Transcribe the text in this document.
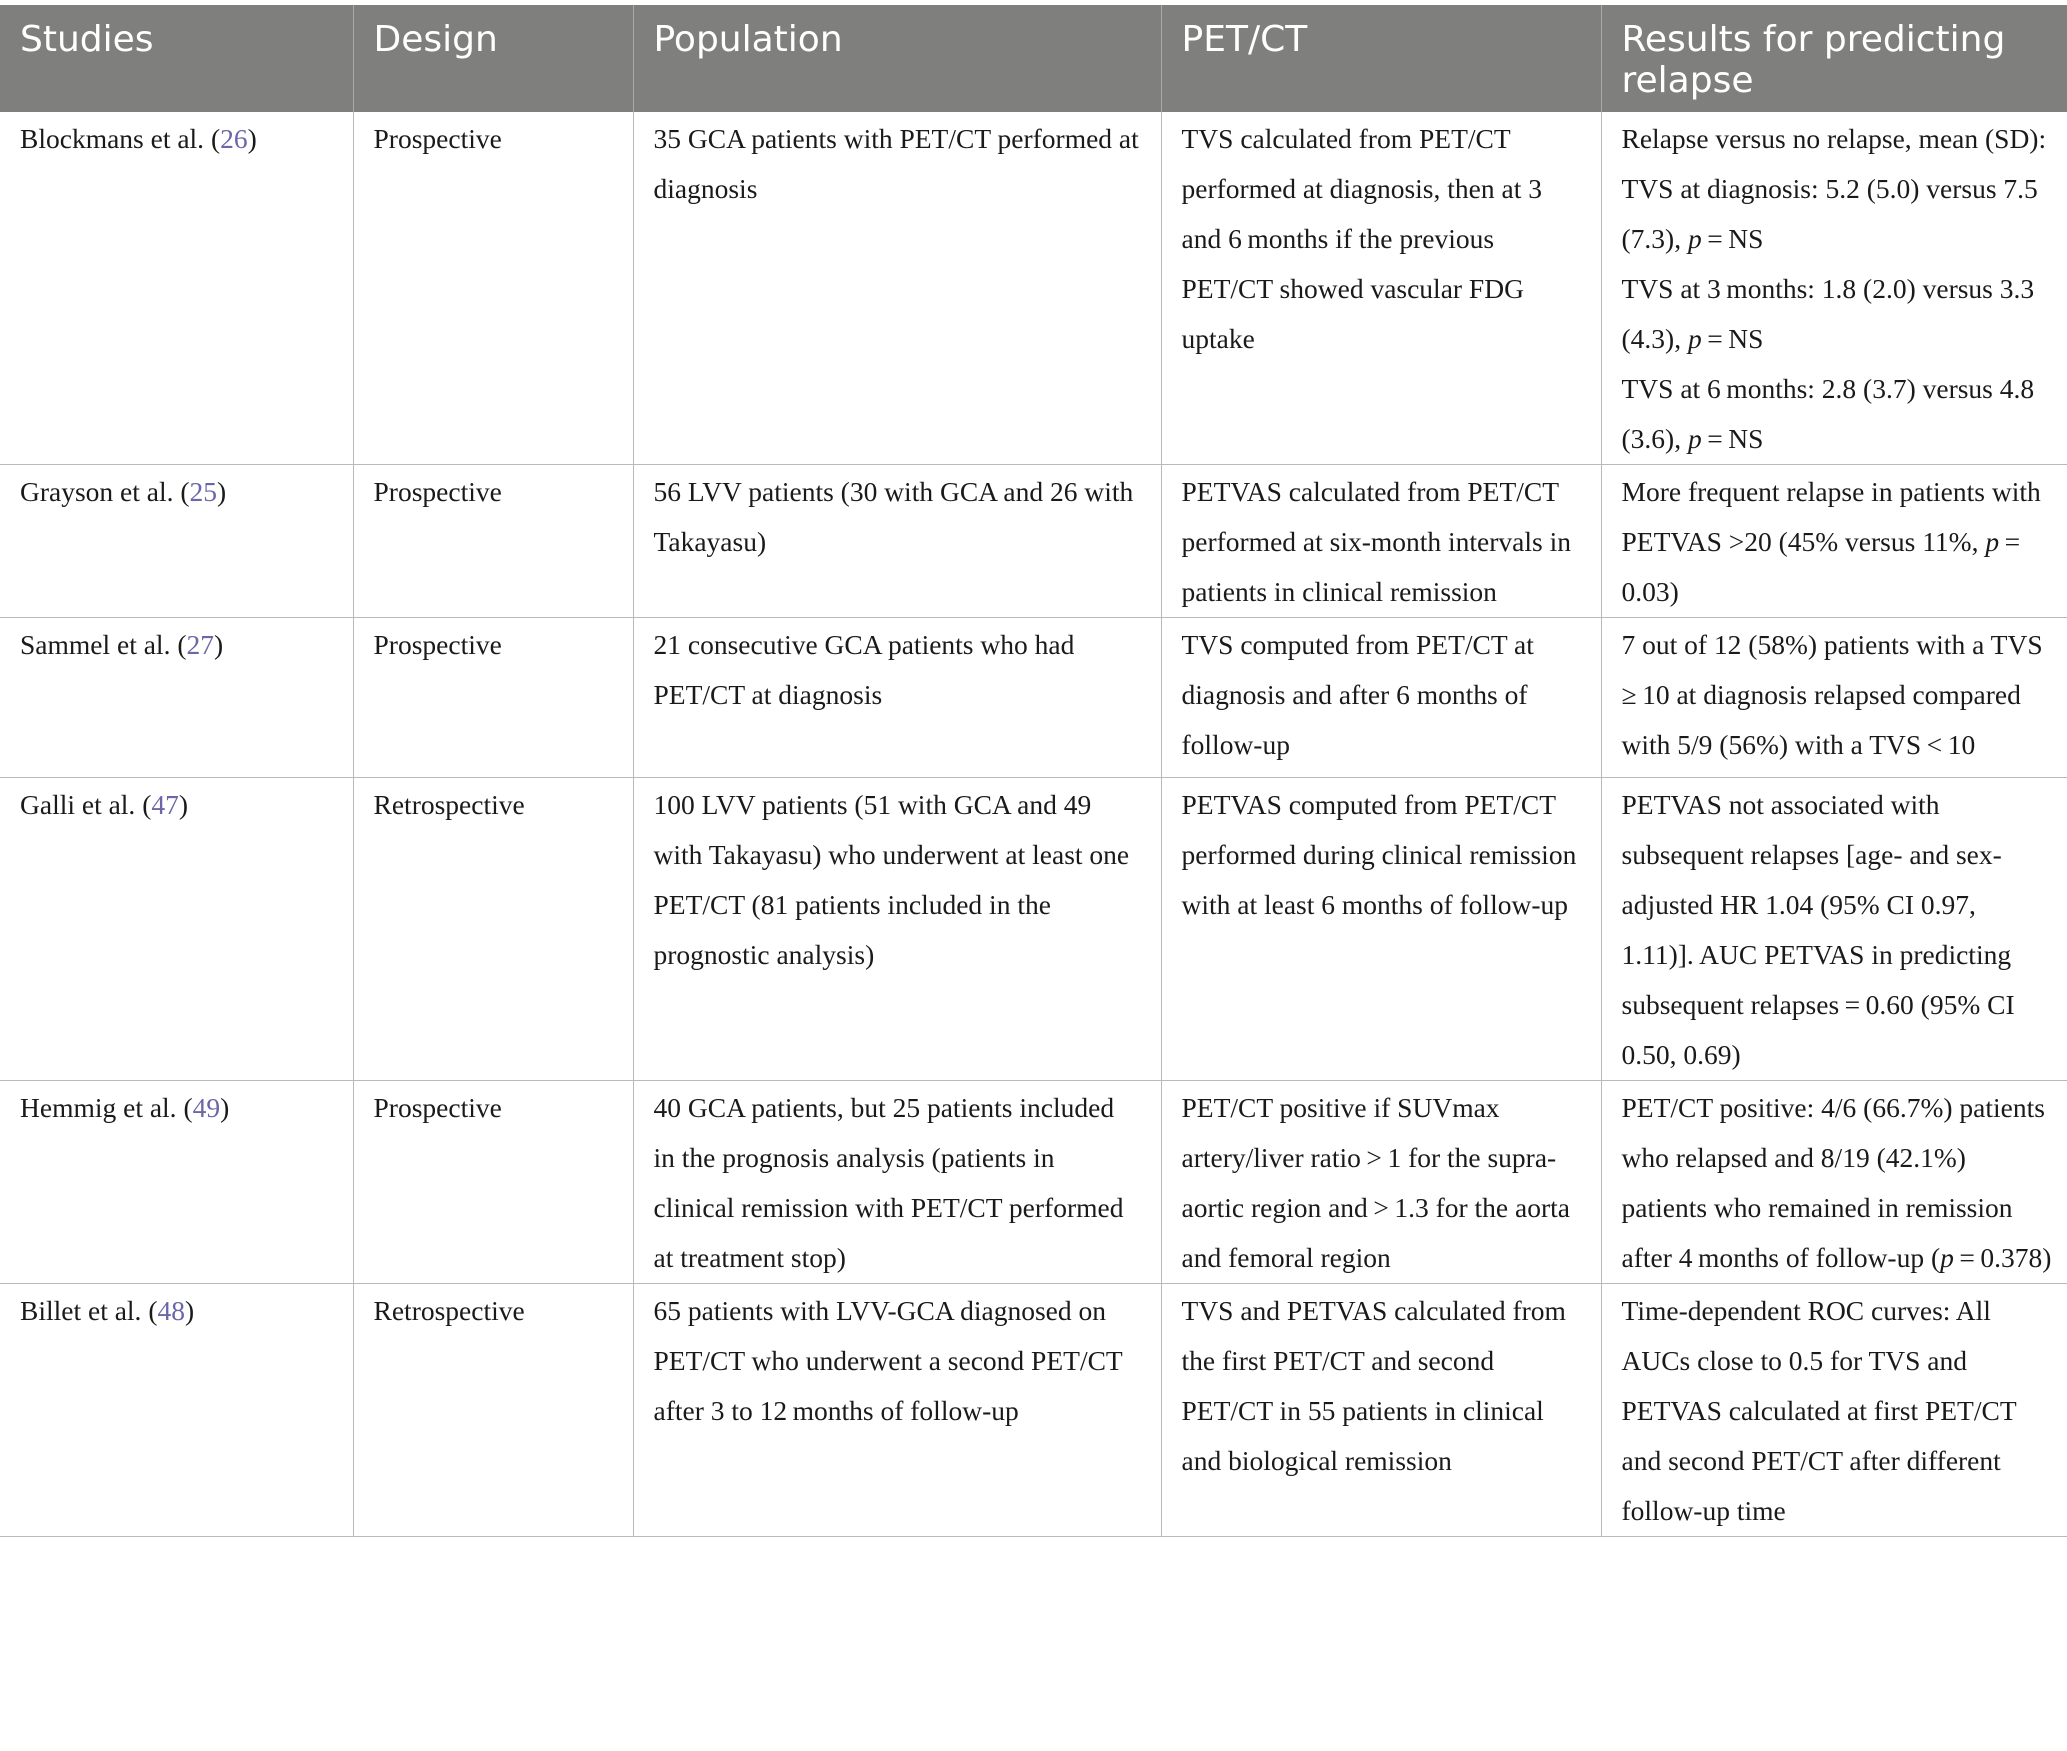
Studies	Design	Population	PET/CT	Results for predicting relapse
Blockmans et al. (26)	Prospective	35 GCA patients with PET/CT performed at diagnosis	TVS calculated from PET/CT performed at diagnosis, then at 3 and 6 months if the previous PET/CT showed vascular FDG uptake	Relapse versus no relapse, mean (SD):
TVS at diagnosis: 5.2 (5.0) versus 7.5 (7.3), p = NS
TVS at 3 months: 1.8 (2.0) versus 3.3 (4.3), p = NS
TVS at 6 months: 2.8 (3.7) versus 4.8 (3.6), p = NS

Grayson et al. (25)	Prospective	56 LVV patients (30 with GCA and 26 with Takayasu)	PETVAS calculated from PET/CT performed at six-month intervals in patients in clinical remission	More frequent relapse in patients with PETVAS >20 (45% versus 11%, p = 0.03)

Sammel et al. (27)	Prospective	21 consecutive GCA patients who had PET/CT at diagnosis	TVS computed from PET/CT at diagnosis and after 6 months of follow-up	7 out of 12 (58%) patients with a TVS ≥ 10 at diagnosis relapsed compared with 5/9 (56%) with a TVS < 10

Galli et al. (47)	Retrospective	100 LVV patients (51 with GCA and 49 with Takayasu) who underwent at least one PET/CT (81 patients included in the prognostic analysis)	PETVAS computed from PET/CT performed during clinical remission with at least 6 months of follow-up	PETVAS not associated with subsequent relapses [age- and sex-adjusted HR 1.04 (95% CI 0.97, 1.11)]. AUC PETVAS in predicting subsequent relapses = 0.60 (95% CI 0.50, 0.69)

Hemmig et al. (49)	Prospective	40 GCA patients, but 25 patients included in the prognosis analysis (patients in clinical remission with PET/CT performed at treatment stop)	PET/CT positive if SUVmax artery/liver ratio > 1 for the supra-aortic region and > 1.3 for the aorta and femoral region	PET/CT positive: 4/6 (66.7%) patients who relapsed and 8/19 (42.1%) patients who remained in remission after 4 months of follow-up (p = 0.378)

Billet et al. (48)	Retrospective	65 patients with LVV-GCA diagnosed on PET/CT who underwent a second PET/CT after 3 to 12 months of follow-up	TVS and PETVAS calculated from the first PET/CT and second PET/CT in 55 patients in clinical and biological remission	Time-dependent ROC curves: All AUCs close to 0.5 for TVS and PETVAS calculated at first PET/CT and second PET/CT after different follow-up time
